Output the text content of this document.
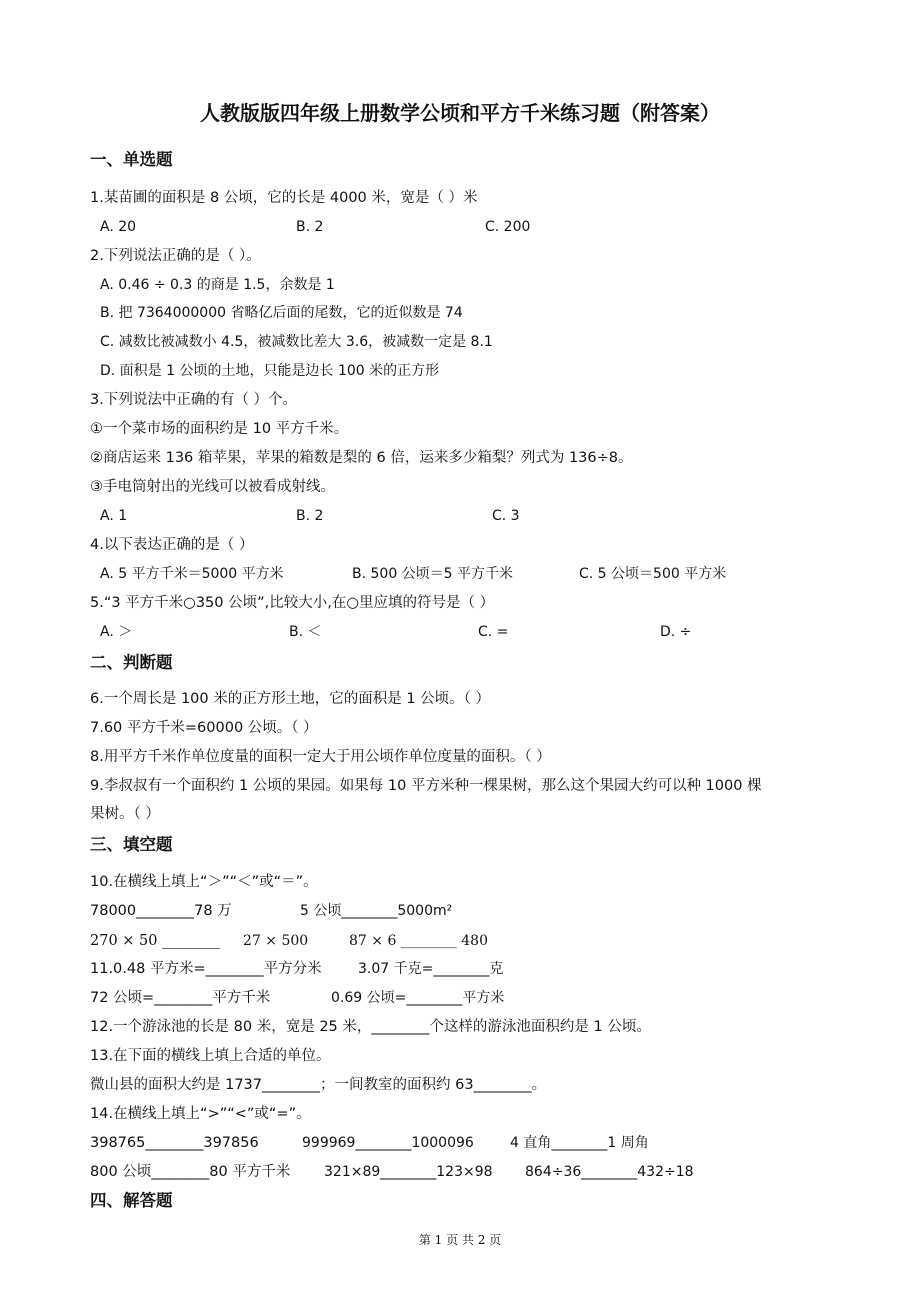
人教版版四年级上册数学公顷和平方千米练习题（附答案）
一、单选题
1.某苗圃的面积是 8 公顷，它的长是 4000 米，宽是（ ）米
A. 20	B. 2	C. 200
2.下列说法正确的是（ ）。
A. 0.46 ÷ 0.3 的商是 1.5，余数是 1
B. 把 7364000000 省略亿后面的尾数，它的近似数是 74
C. 减数比被减数小 4.5，被减数比差大 3.6，被减数一定是 8.1
D. 面积是 1 公顷的土地，只能是边长 100 米的正方形
3.下列说法中正确的有（ ）个。
①一个菜市场的面积约是 10 平方千米。
②商店运来 136 箱苹果，苹果的箱数是梨的 6 倍，运来多少箱梨？列式为 136÷8。
③手电筒射出的光线可以被看成射线。
A. 1	B. 2	C. 3
4.以下表达正确的是（ ）
A. 5 平方千米＝5000 平方米	B. 500 公顷＝5 平方千米	C. 5 公顷＝500 平方米
5.“3 平方千米○350 公顷”,比较大小,在○里应填的符号是（ ）
A. ＞	B. ＜	C. =	D. ÷
二、判断题
6.一个周长是 100 米的正方形土地，它的面积是 1 公顷。（ ）
7.60 平方千米=60000 公顷。（ ）
8.用平方千米作单位度量的面积一定大于用公顷作单位度量的面积。（ ）
9.李叔叔有一个面积约 1 公顷的果园。如果每 10 平方米种一棵果树，那么这个果园大约可以种 1000 棵
果树。（ ）
三、填空题
10.在横线上填上“＞”“＜”或“＝”。
78000________78 万	5 公顷________5000m²
270 × 50 ________ 27 × 500	87 × 6 ________ 480
11.0.48 平方米=________平方分米	3.07 千克=________克
72 公顷=________平方千米	0.69 公顷=________平方米
12.一个游泳池的长是 80 米，宽是 25 米，________个这样的游泳池面积约是 1 公顷。
13.在下面的横线上填上合适的单位。
微山县的面积大约是 1737________；一间教室的面积约 63________。
14.在横线上填上“>”“<”或“=”。
398765________397856	999969________1000096	4 直角________1 周角
800 公顷________80 平方千米 321×89________123×98 864÷36________432÷18
四、解答题
第 1 页 共 2 页
